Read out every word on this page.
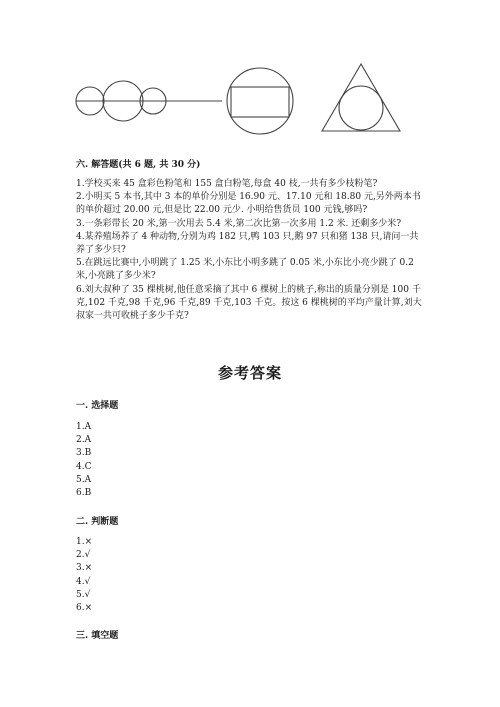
六. 解答题(共 6 题, 共 30 分)

1.学校买来 45 盒彩色粉笔和 155 盒白粉笔,每盒 40 枝,一共有多少枝粉笔?

2.小明买 5 本书,其中 3 本的单价分别是 16.90 元、17.10 元和 18.80 元,另外两本书的单价超过 20.00 元,但是比 22.00 元少. 小明给售货员 100 元钱,够吗?

3.一条彩带长 20 米,第一次用去 5.4 米,第二次比第一次多用 1.2 米. 还剩多少米?

4.某养殖场养了 4 种动物,分别为鸡 182 只,鸭 103 只,鹅 97 只和猪 138 只,请问一共养了多少只?

5.在跳远比赛中,小明跳了 1.25 米,小东比小明多跳了 0.05 米,小东比小亮少跳了 0.2 米,小亮跳了多少米?

6.刘大叔种了 35 棵桃树,他任意采摘了其中 6 棵树上的桃子,称出的质量分别是 100 千克,102 千克,98 千克,96 千克,89 千克,103 千克。按这 6 棵桃树的平均产量计算,刘大叔家一共可收桃子多少千克?

参考答案
一. 选择题
1.A
2.A
3.B
4.C
5.A
6.B
二. 判断题
1.×
2.√
3.×
4.√
5.√
6.×
三. 填空题
